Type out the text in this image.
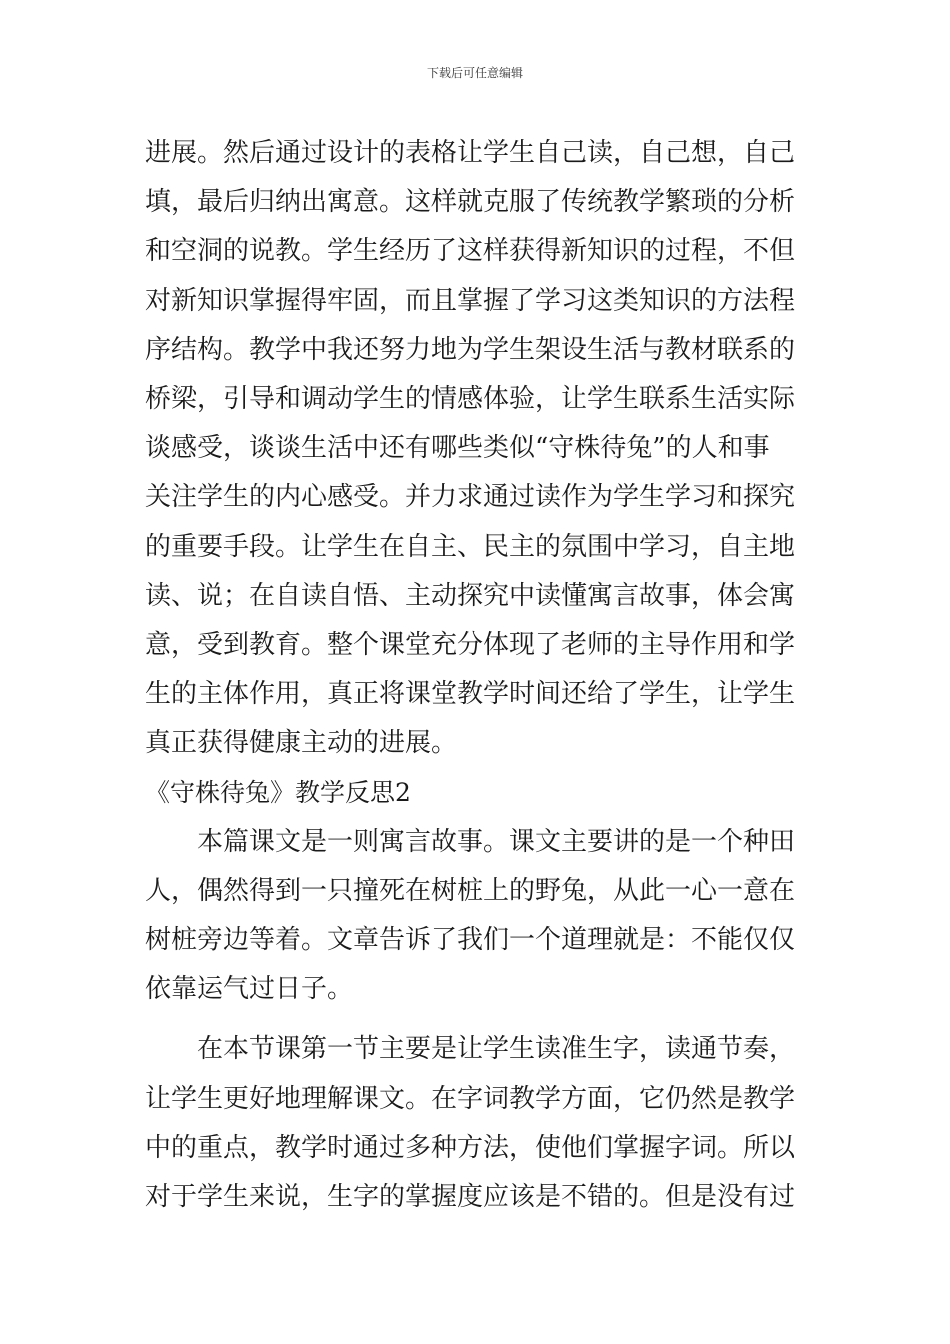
下载后可任意编辑
进展。然后通过设计的表格让学生自己读，自己想，自己
填，最后归纳出寓意。这样就克服了传统教学繁琐的分析
和空洞的说教。学生经历了这样获得新知识的过程，不但
对新知识掌握得牢固，而且掌握了学习这类知识的方法程
序结构。教学中我还努力地为学生架设生活与教材联系的
桥梁，引导和调动学生的情感体验，让学生联系生活实际
谈感受，谈谈生活中还有哪些类似“守株待兔”的人和事
关注学生的内心感受。并力求通过读作为学生学习和探究
的重要手段。让学生在自主、民主的氛围中学习，自主地
读、说；在自读自悟、主动探究中读懂寓言故事，体会寓
意，受到教育。整个课堂充分体现了老师的主导作用和学
生的主体作用，真正将课堂教学时间还给了学生，让学生
真正获得健康主动的进展。
《守株待兔》教学反思2
本篇课文是一则寓言故事。课文主要讲的是一个种田
人，偶然得到一只撞死在树桩上的野兔，从此一心一意在
树桩旁边等着。文章告诉了我们一个道理就是：不能仅仅
依靠运气过日子。
在本节课第一节主要是让学生读准生字，读通节奏，
让学生更好地理解课文。在字词教学方面，它仍然是教学
中的重点，教学时通过多种方法，使他们掌握字词。所以
对于学生来说，生字的掌握度应该是不错的。但是没有过
